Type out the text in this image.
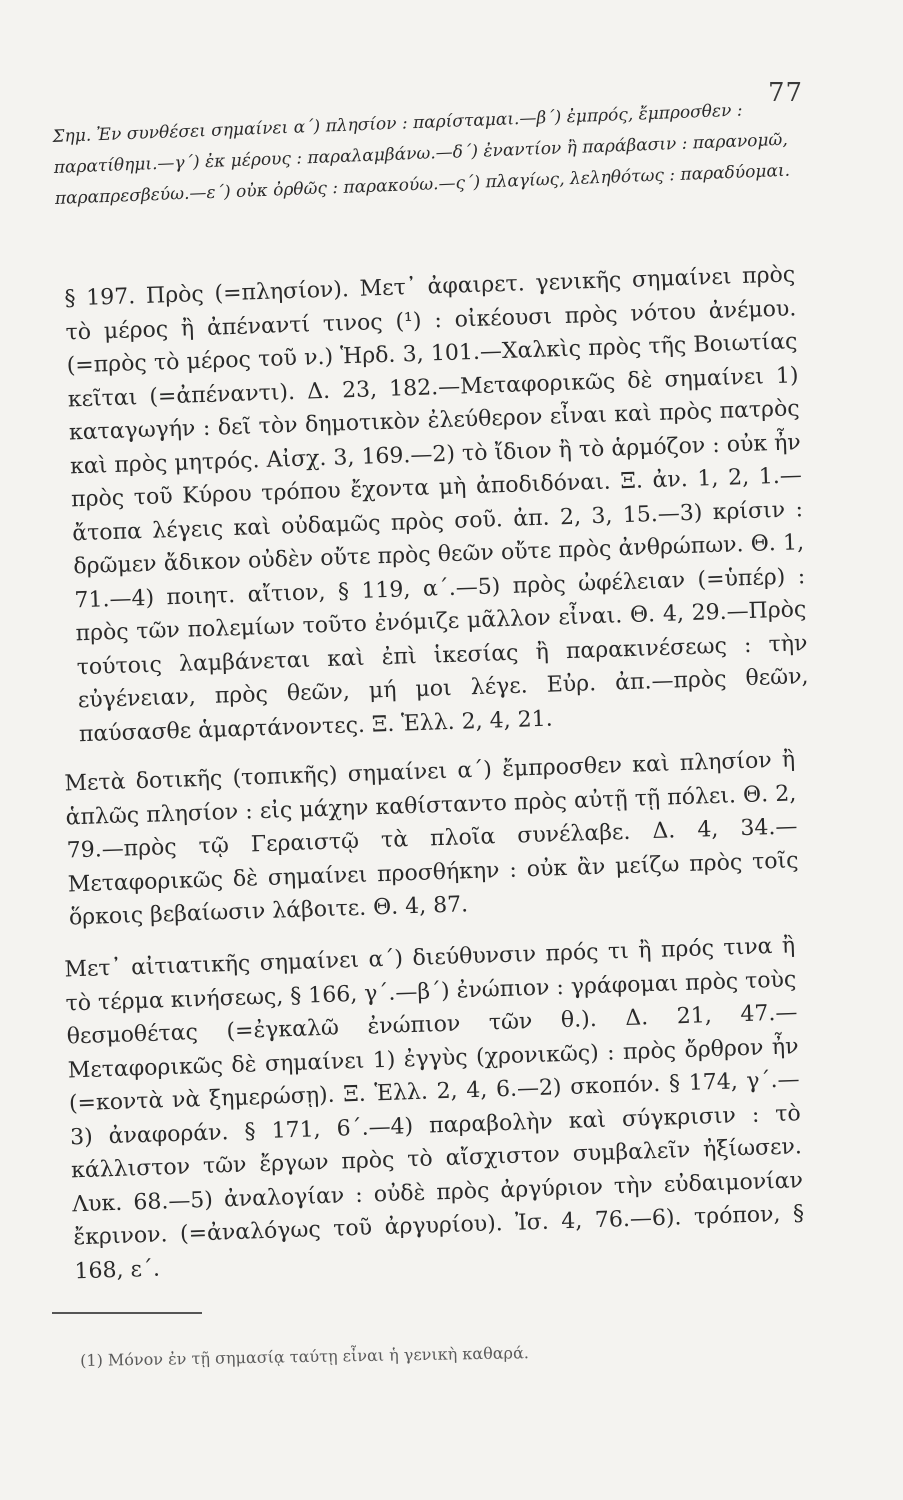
77
Σημ. Ἐν συνθέσει σημαίνει α´) πλησίον : παρίσταμαι.—β´) ἐμπρός, ἔμπροσθεν : παρατίθημι.—γ´) ἐκ μέρους : παραλαμβάνω.—δ´) ἐναντίον ἢ παράβασιν : παρανομῶ, παραπρεσβεύω.—ε´) οὐκ ὀρθῶς : παρακούω.—ς´) πλαγίως, λεληθότως : παραδύομαι.

§ 197. Πρὸς (=πλησίον). Μετ᾽ ἀφαιρετ. γενικῆς σημαίνει πρὸς τὸ μέρος ἢ ἀπέναντί τινος (¹) : οἰκέουσι πρὸς νότου ἀνέμου. (=πρὸς τὸ μέρος τοῦ ν.) Ἡρδ. 3, 101.—Χαλκὶς πρὸς τῆς Βοιωτίας κεῖται (=ἀπέναντι). Δ. 23, 182.—Μεταφορικῶς δὲ σημαίνει 1) καταγωγήν : δεῖ τὸν δημοτικὸν ἐλεύθερον εἶναι καὶ πρὸς πατρὸς καὶ πρὸς μητρός. Αἰσχ. 3, 169.—2) τὸ ἴδιον ἢ τὸ ἁρμόζον : οὐκ ἦν πρὸς τοῦ Κύρου τρόπου ἔχοντα μὴ ἀποδιδόναι. Ξ. ἀν. 1, 2, 1.—ἄτοπα λέγεις καὶ οὐδαμῶς πρὸς σοῦ. ἀπ. 2, 3, 15.—3) κρίσιν : δρῶμεν ἄδικον οὐδὲν οὔτε πρὸς θεῶν οὔτε πρὸς ἀνθρώπων. Θ. 1, 71.—4) ποιητ. αἴτιον, § 119, α´.—5) πρὸς ὠφέλειαν (=ὑπέρ) : πρὸς τῶν πολεμίων τοῦτο ἐνόμιζε μᾶλλον εἶναι. Θ. 4, 29.—Πρὸς τούτοις λαμβάνεται καὶ ἐπὶ ἱκεσίας ἢ παρακινέσεως : τὴν εὐγένειαν, πρὸς θεῶν, μή μοι λέγε. Εὐρ. ἀπ.—πρὸς θεῶν, παύσασθε ἁμαρτάνοντες. Ξ. Ἑλλ. 2, 4, 21.

Μετὰ δοτικῆς (τοπικῆς) σημαίνει α´) ἔμπροσθεν καὶ πλησίον ἢ ἁπλῶς πλησίον : εἰς μάχην καθίσταντο πρὸς αὐτῇ τῇ πόλει. Θ. 2, 79.—πρὸς τῷ Γεραιστῷ τὰ πλοῖα συνέλαβε. Δ. 4, 34.—Μεταφορικῶς δὲ σημαίνει προσθήκην : οὐκ ἂν μείζω πρὸς τοῖς ὅρκοις βεβαίωσιν λάβοιτε. Θ. 4, 87.

Μετ᾽ αἰτιατικῆς σημαίνει α´) διεύθυνσιν πρός τι ἢ πρός τινα ἢ τὸ τέρμα κινήσεως, § 166, γ´.—β´) ἐνώπιον : γράφομαι πρὸς τοὺς θεσμοθέτας (=ἐγκαλῶ ἐνώπιον τῶν θ.). Δ. 21, 47.—Μεταφορικῶς δὲ σημαίνει 1) ἐγγὺς (χρονικῶς) : πρὸς ὄρθρον ἦν (=κοντὰ νὰ ξημερώσῃ). Ξ. Ἑλλ. 2, 4, 6.—2) σκοπόν. § 174, γ´.—3) ἀναφοράν. § 171, 6´.—4) παραβολὴν καὶ σύγκρισιν : τὸ κάλλιστον τῶν ἔργων πρὸς τὸ αἴσχιστον συμβαλεῖν ἠξίωσεν. Λυκ. 68.—5) ἀναλογίαν : οὐδὲ πρὸς ἀργύριον τὴν εὐδαιμονίαν ἔκρινον. (=ἀναλόγως τοῦ ἀργυρίου). Ἰσ. 4, 76.—6). τρόπον, § 168, ε´.

(1) Μόνον ἐν τῇ σημασίᾳ ταύτῃ εἶναι ἡ γενικὴ καθαρά.
